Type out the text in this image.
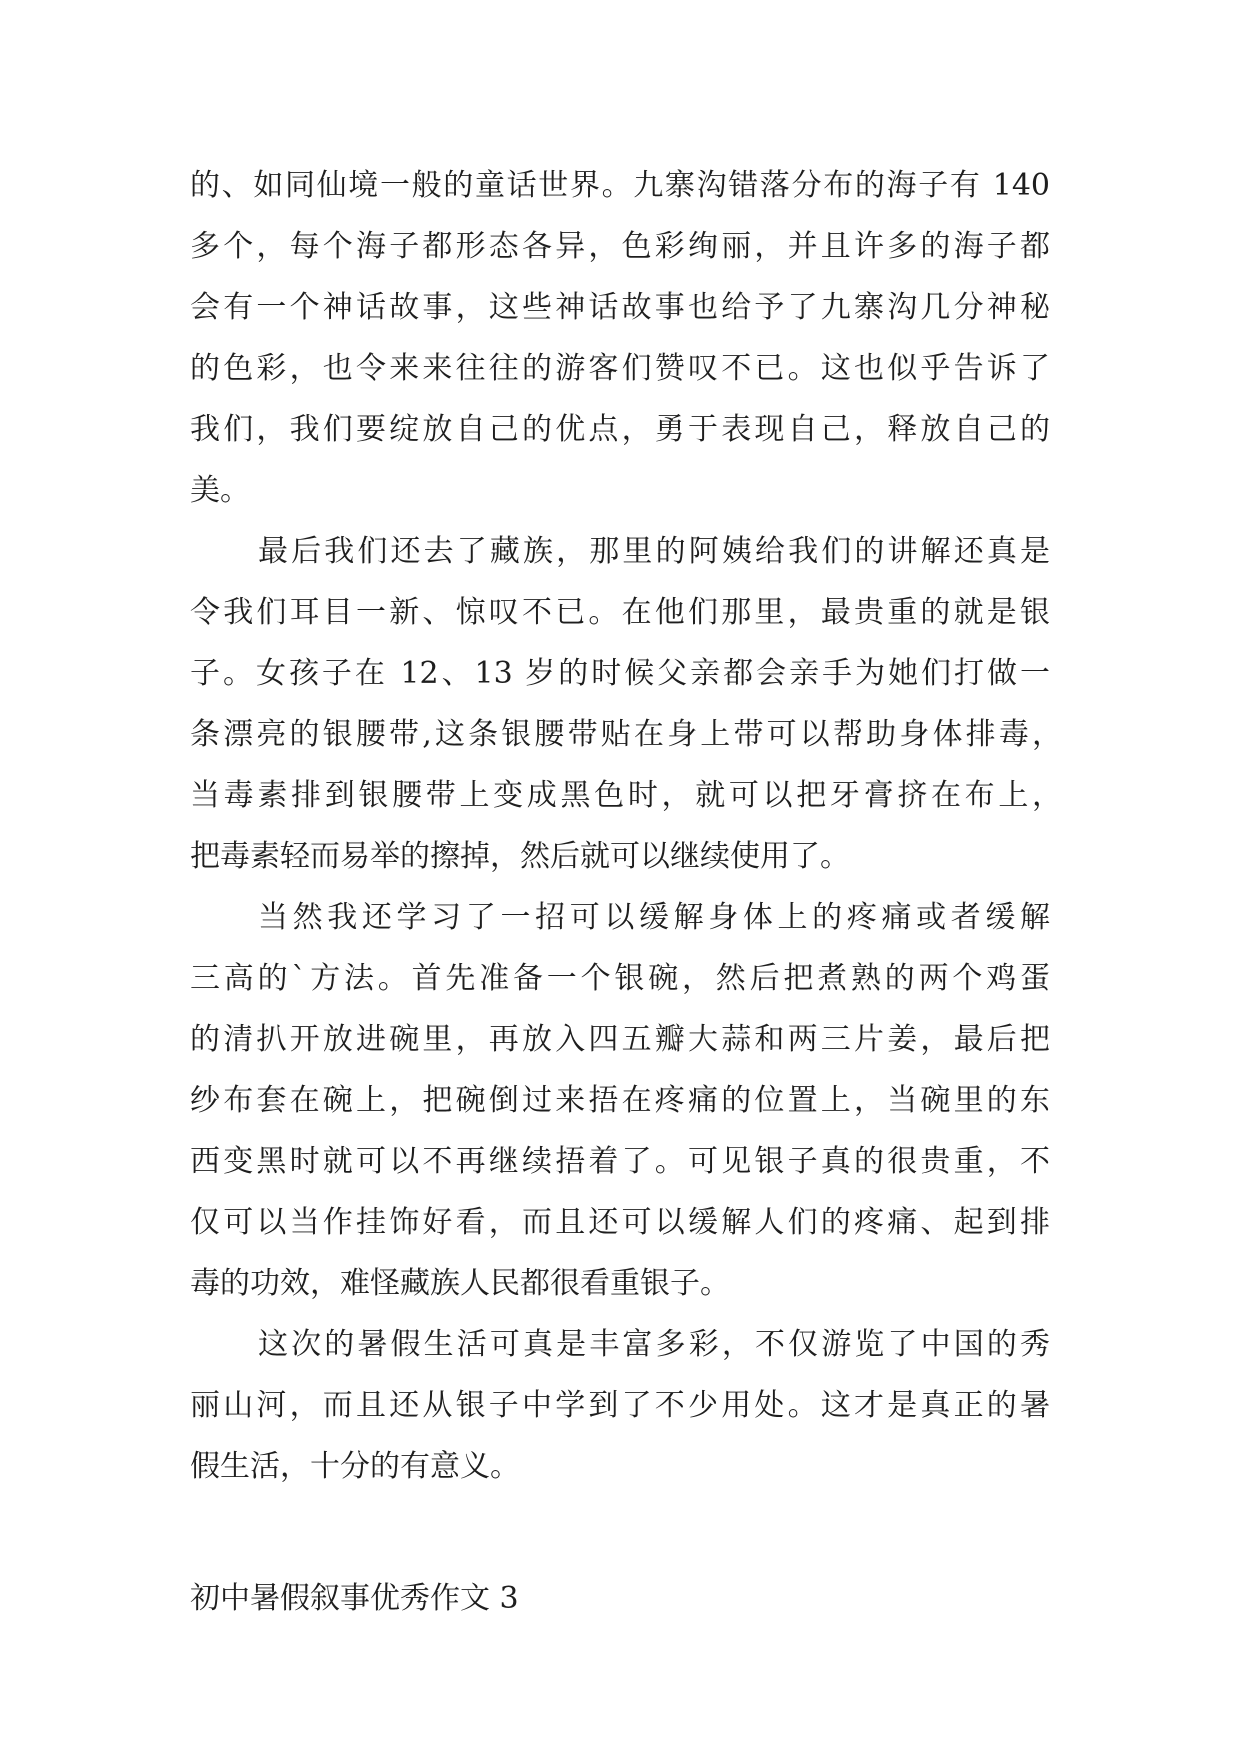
的、如同仙境一般的童话世界。九寨沟错落分布的海子有 140
多个，每个海子都形态各异，色彩绚丽，并且许多的海子都
会有一个神话故事，这些神话故事也给予了九寨沟几分神秘
的色彩，也令来来往往的游客们赞叹不已。这也似乎告诉了
我们，我们要绽放自己的优点，勇于表现自己，释放自己的
美。
最后我们还去了藏族，那里的阿姨给我们的讲解还真是
令我们耳目一新、惊叹不已。在他们那里，最贵重的就是银
子。女孩子在 12、13 岁的时候父亲都会亲手为她们打做一
条漂亮的银腰带,这条银腰带贴在身上带可以帮助身体排毒，
当毒素排到银腰带上变成黑色时，就可以把牙膏挤在布上，
把毒素轻而易举的擦掉，然后就可以继续使用了。
当然我还学习了一招可以缓解身体上的疼痛或者缓解
三高的`方法。首先准备一个银碗，然后把煮熟的两个鸡蛋
的清扒开放进碗里，再放入四五瓣大蒜和两三片姜，最后把
纱布套在碗上，把碗倒过来捂在疼痛的位置上，当碗里的东
西变黑时就可以不再继续捂着了。可见银子真的很贵重，不
仅可以当作挂饰好看，而且还可以缓解人们的疼痛、起到排
毒的功效，难怪藏族人民都很看重银子。
这次的暑假生活可真是丰富多彩，不仅游览了中国的秀
丽山河，而且还从银子中学到了不少用处。这才是真正的暑
假生活，十分的有意义。
初中暑假叙事优秀作文 3
